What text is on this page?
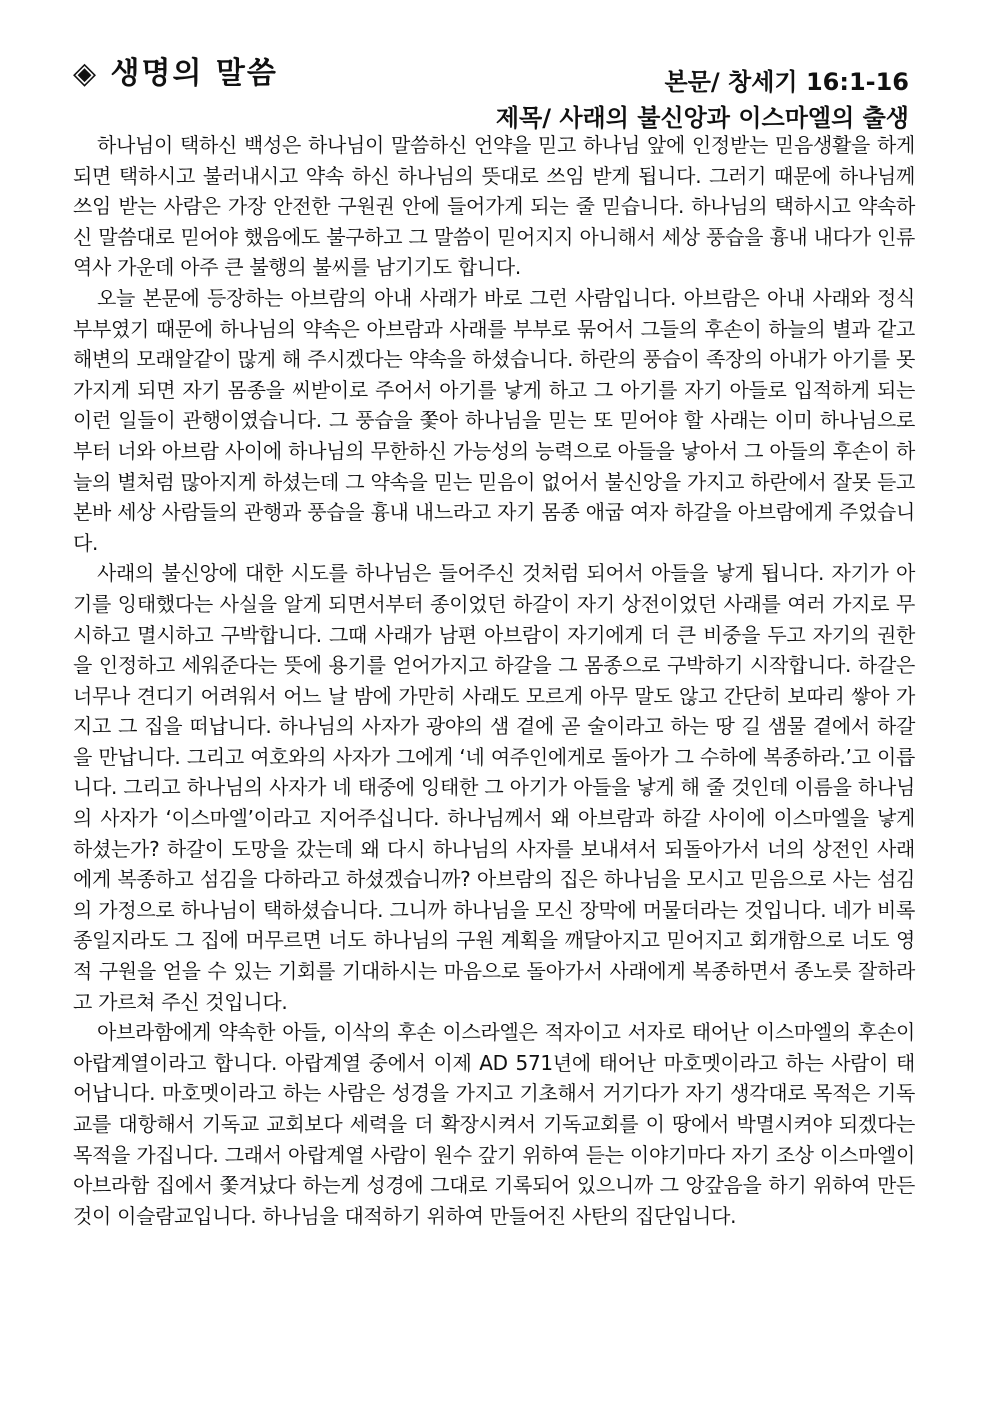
◈ 생명의 말씀	본문/ 창세기 16:1-16
제목/ 사래의 불신앙과 이스마엘의 출생

하나님이 택하신 백성은 하나님이 말씀하신 언약을 믿고 하나님 앞에 인정받는 믿음생활을 하게 되면 택하시고 불러내시고 약속 하신 하나님의 뜻대로 쓰임 받게 됩니다. 그러기 때문에 하나님께 쓰임 받는 사람은 가장 안전한 구원권 안에 들어가게 되는 줄 믿습니다. 하나님의 택하시고 약속하신 말씀대로 믿어야 했음에도 불구하고 그 말씀이 믿어지지 아니해서 세상 풍습을 흉내 내다가 인류역사 가운데 아주 큰 불행의 불씨를 남기기도 합니다.

오늘 본문에 등장하는 아브람의 아내 사래가 바로 그런 사람입니다. 아브람은 아내 사래와 정식 부부였기 때문에 하나님의 약속은 아브람과 사래를 부부로 묶어서 그들의 후손이 하늘의 별과 같고 해변의 모래알같이 많게 해 주시겠다는 약속을 하셨습니다. 하란의 풍습이 족장의 아내가 아기를 못가지게 되면 자기 몸종을 씨받이로 주어서 아기를 낳게 하고 그 아기를 자기 아들로 입적하게 되는 이런 일들이 관행이였습니다. 그 풍습을 쫓아 하나님을 믿는 또 믿어야 할 사래는 이미 하나님으로부터 너와 아브람 사이에 하나님의 무한하신 가능성의 능력으로 아들을 낳아서 그 아들의 후손이 하늘의 별처럼 많아지게 하셨는데 그 약속을 믿는 믿음이 없어서 불신앙을 가지고 하란에서 잘못 듣고 본바 세상 사람들의 관행과 풍습을 흉내 내느라고 자기 몸종 애굽 여자 하갈을 아브람에게 주었습니다.

사래의 불신앙에 대한 시도를 하나님은 들어주신 것처럼 되어서 아들을 낳게 됩니다. 자기가 아기를 잉태했다는 사실을 알게 되면서부터 종이었던 하갈이 자기 상전이었던 사래를 여러 가지로 무시하고 멸시하고 구박합니다. 그때 사래가 남편 아브람이 자기에게 더 큰 비중을 두고 자기의 권한을 인정하고 세워준다는 뜻에 용기를 얻어가지고 하갈을 그 몸종으로 구박하기 시작합니다. 하갈은 너무나 견디기 어려워서 어느 날 밤에 가만히 사래도 모르게 아무 말도 않고 간단히 보따리 쌓아 가지고 그 집을 떠납니다. 하나님의 사자가 광야의 샘 곁에 곧 술이라고 하는 땅 길 샘물 곁에서 하갈을 만납니다. 그리고 여호와의 사자가 그에게 ‘네 여주인에게로 돌아가 그 수하에 복종하라.’고 이릅니다. 그리고 하나님의 사자가 네 태중에 잉태한 그 아기가 아들을 낳게 해 줄 것인데 이름을 하나님의 사자가 ‘이스마엘’이라고 지어주십니다. 하나님께서 왜 아브람과 하갈 사이에 이스마엘을 낳게 하셨는가? 하갈이 도망을 갔는데 왜 다시 하나님의 사자를 보내셔서 되돌아가서 너의 상전인 사래에게 복종하고 섬김을 다하라고 하셨겠습니까? 아브람의 집은 하나님을 모시고 믿음으로 사는 섬김의 가정으로 하나님이 택하셨습니다. 그니까 하나님을 모신 장막에 머물더라는 것입니다. 네가 비록 종일지라도 그 집에 머무르면 너도 하나님의 구원 계획을 깨달아지고 믿어지고 회개함으로 너도 영적 구원을 얻을 수 있는 기회를 기대하시는 마음으로 돌아가서 사래에게 복종하면서 종노릇 잘하라고 가르쳐 주신 것입니다.

아브라함에게 약속한 아들, 이삭의 후손 이스라엘은 적자이고 서자로 태어난 이스마엘의 후손이 아랍계열이라고 합니다. 아랍계열 중에서 이제 AD 571년에 태어난 마호멧이라고 하는 사람이 태어납니다. 마호멧이라고 하는 사람은 성경을 가지고 기초해서 거기다가 자기 생각대로 목적은 기독교를 대항해서 기독교 교회보다 세력을 더 확장시켜서 기독교회를 이 땅에서 박멸시켜야 되겠다는 목적을 가집니다. 그래서 아랍계열 사람이 원수 갚기 위하여 듣는 이야기마다 자기 조상 이스마엘이 아브라함 집에서 쫓겨났다 하는게 성경에 그대로 기록되어 있으니까 그 앙갚음을 하기 위하여 만든 것이 이슬람교입니다. 하나님을 대적하기 위하여 만들어진 사탄의 집단입니다.
